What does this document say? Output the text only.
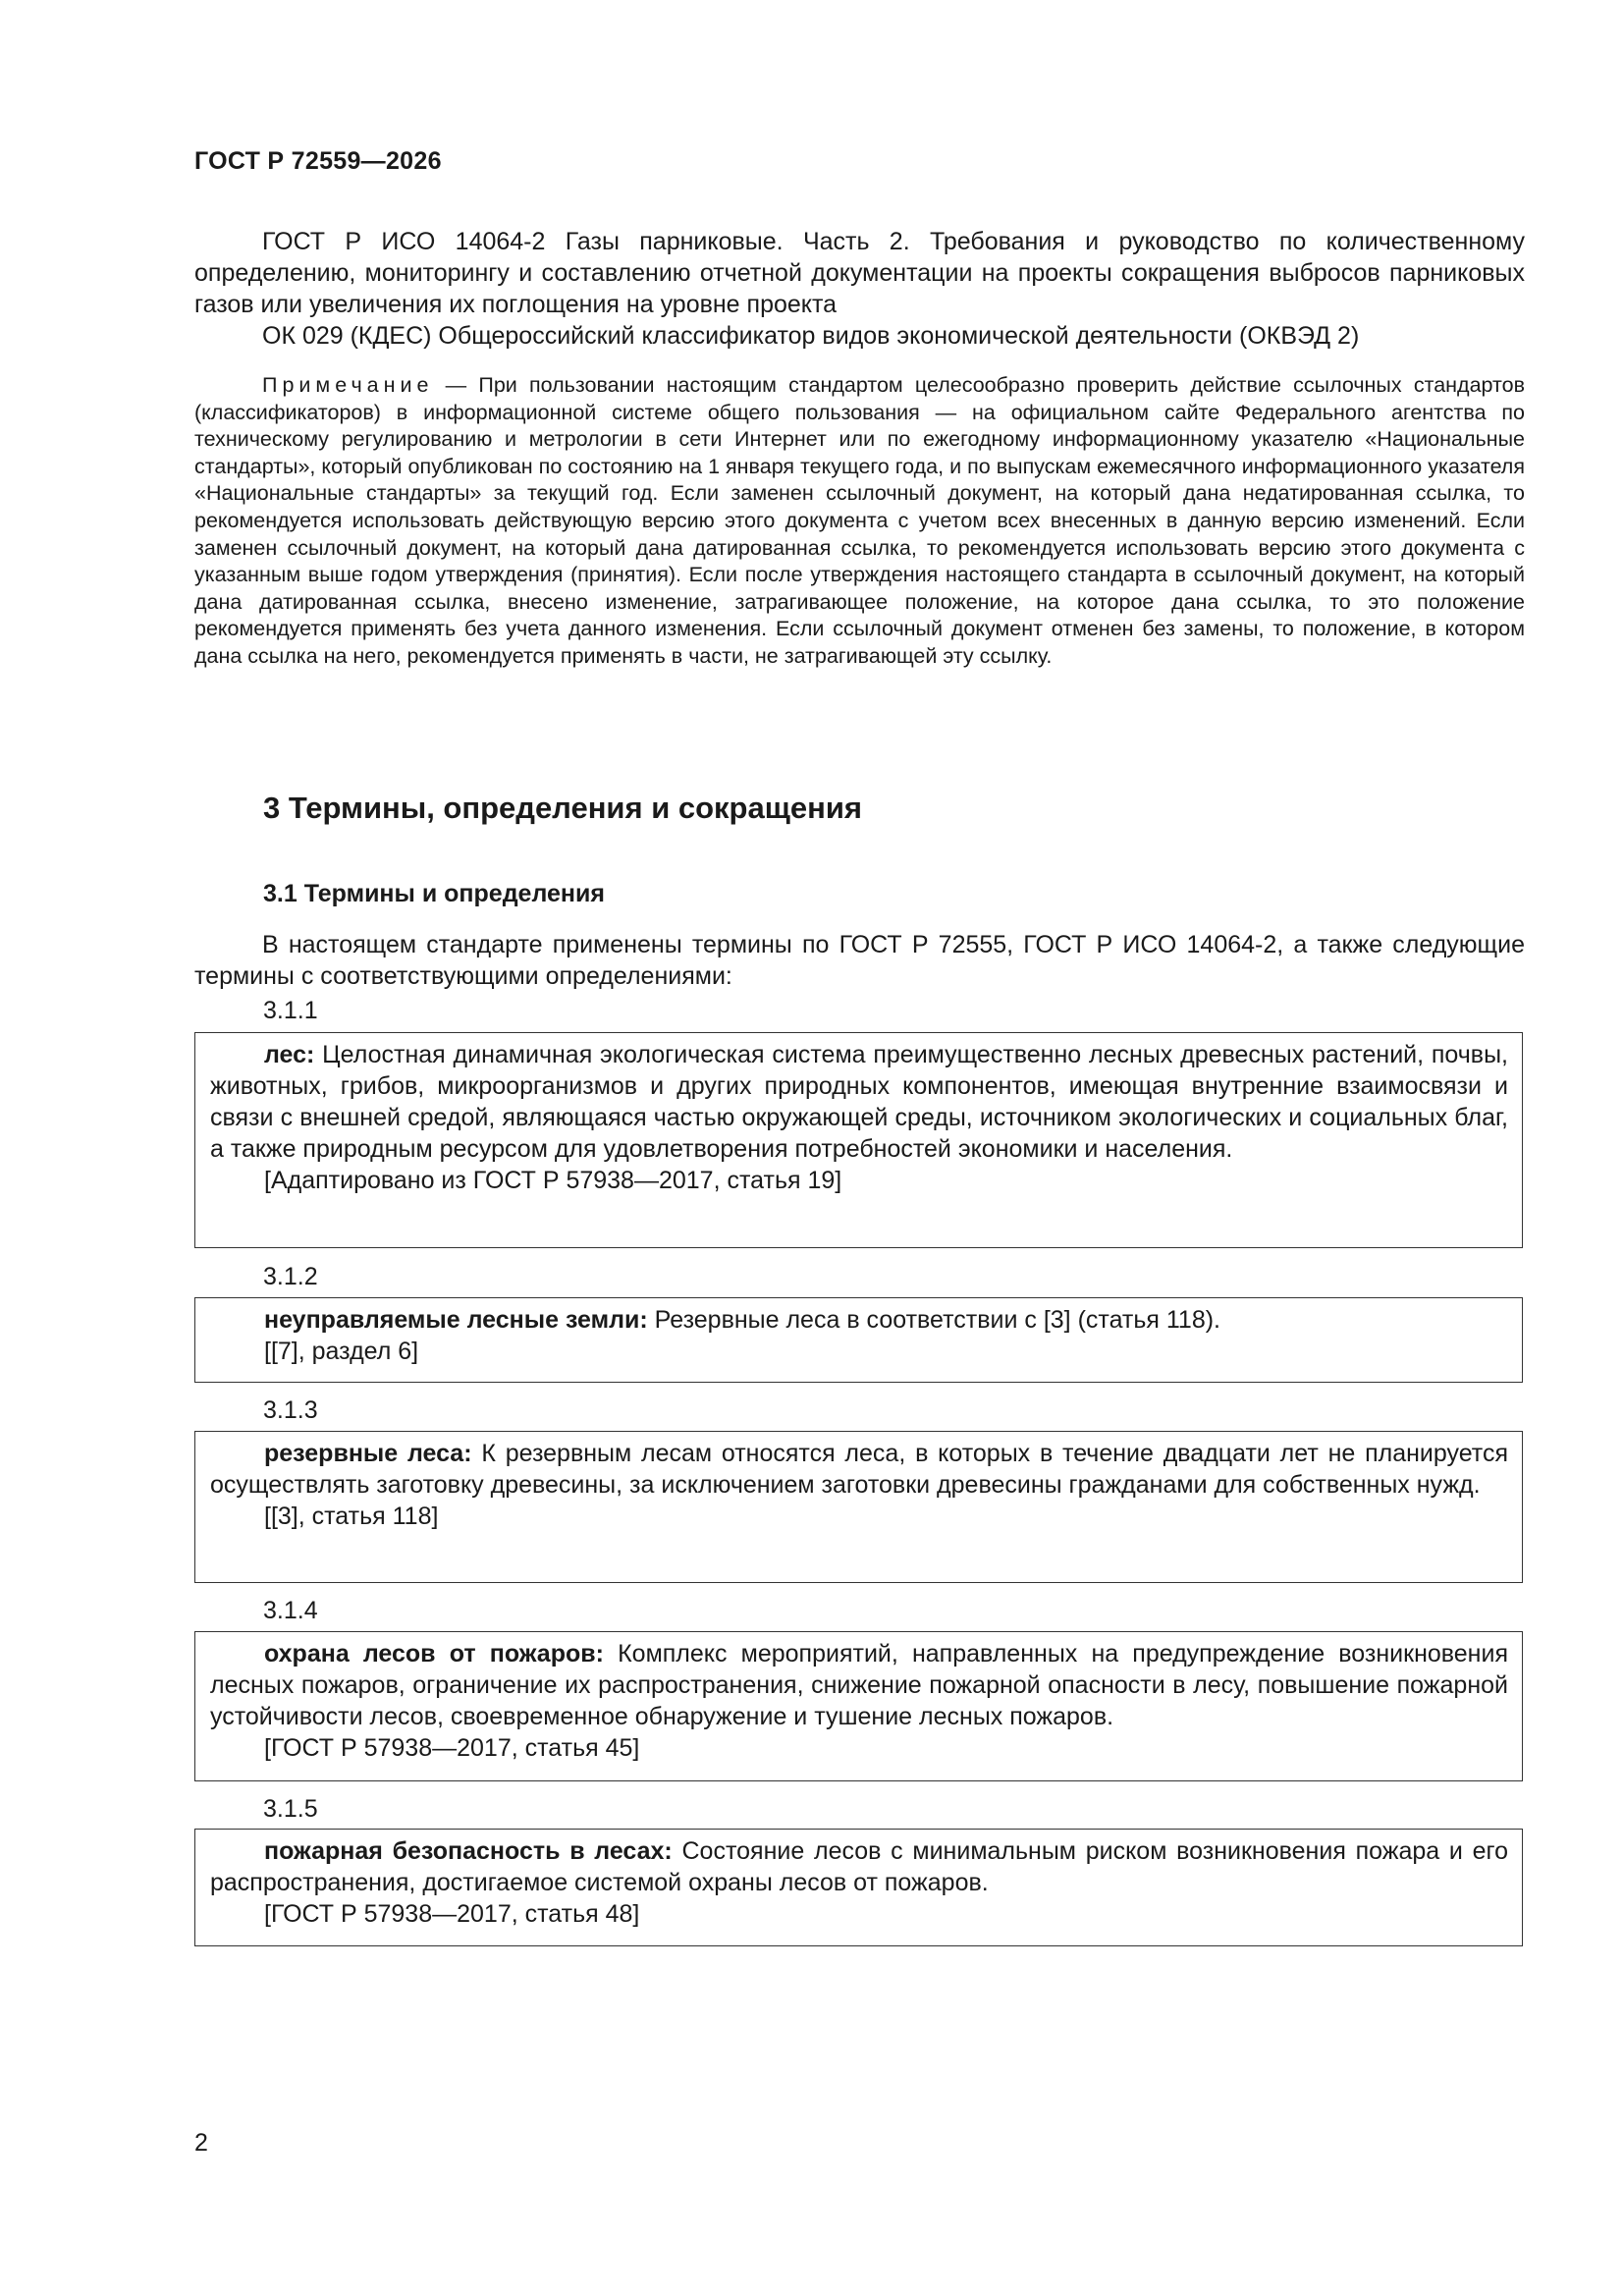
ГОСТ Р 72559—2026

ГОСТ Р ИСО 14064-2 Газы парниковые. Часть 2. Требования и руководство по количественному определению, мониторингу и составлению отчетной документации на проекты сокращения выбросов парниковых газов или увеличения их поглощения на уровне проекта

ОК 029 (КДЕС) Общероссийский классификатор видов экономической деятельности (ОКВЭД 2)

Примечание — При пользовании настоящим стандартом целесообразно проверить действие ссылочных стандартов (классификаторов) в информационной системе общего пользования — на официальном сайте Федерального агентства по техническому регулированию и метрологии в сети Интернет или по ежегодному информационному указателю «Национальные стандарты», который опубликован по состоянию на 1 января текущего года, и по выпускам ежемесячного информационного указателя «Национальные стандарты» за текущий год. Если заменен ссылочный документ, на который дана недатированная ссылка, то рекомендуется использовать действующую версию этого документа с учетом всех внесенных в данную версию изменений. Если заменен ссылочный документ, на который дана датированная ссылка, то рекомендуется использовать версию этого документа с указанным выше годом утверждения (принятия). Если после утверждения настоящего стандарта в ссылочный документ, на который дана датированная ссылка, внесено изменение, затрагивающее положение, на которое дана ссылка, то это положение рекомендуется применять без учета данного изменения. Если ссылочный документ отменен без замены, то положение, в котором дана ссылка на него, рекомендуется применять в части, не затрагивающей эту ссылку.

3 Термины, определения и сокращения
3.1 Термины и определения

В настоящем стандарте применены термины по ГОСТ Р 72555, ГОСТ Р ИСО 14064-2, а также следующие термины с соответствующими определениями:

3.1.1

лес: Целостная динамичная экологическая система преимущественно лесных древесных растений, почвы, животных, грибов, микроорганизмов и других природных компонентов, имеющая внутренние взаимосвязи и связи с внешней средой, являющаяся частью окружающей среды, источником экологических и социальных благ, а также природным ресурсом для удовлетворения потребностей экономики и населения.

[Адаптировано из ГОСТ Р 57938—2017, статья 19]

3.1.2

неуправляемые лесные земли: Резервные леса в соответствии с [3] (статья 118).

[[7], раздел 6]

3.1.3

резервные леса: К резервным лесам относятся леса, в которых в течение двадцати лет не планируется осуществлять заготовку древесины, за исключением заготовки древесины гражданами для собственных нужд.

[[3], статья 118]

3.1.4

охрана лесов от пожаров: Комплекс мероприятий, направленных на предупреждение возникновения лесных пожаров, ограничение их распространения, снижение пожарной опасности в лесу, повышение пожарной устойчивости лесов, своевременное обнаружение и тушение лесных пожаров.

[ГОСТ Р 57938—2017, статья 45]

3.1.5

пожарная безопасность в лесах: Состояние лесов с минимальным риском возникновения пожара и его распространения, достигаемое системой охраны лесов от пожаров.

[ГОСТ Р 57938—2017, статья 48]

2
